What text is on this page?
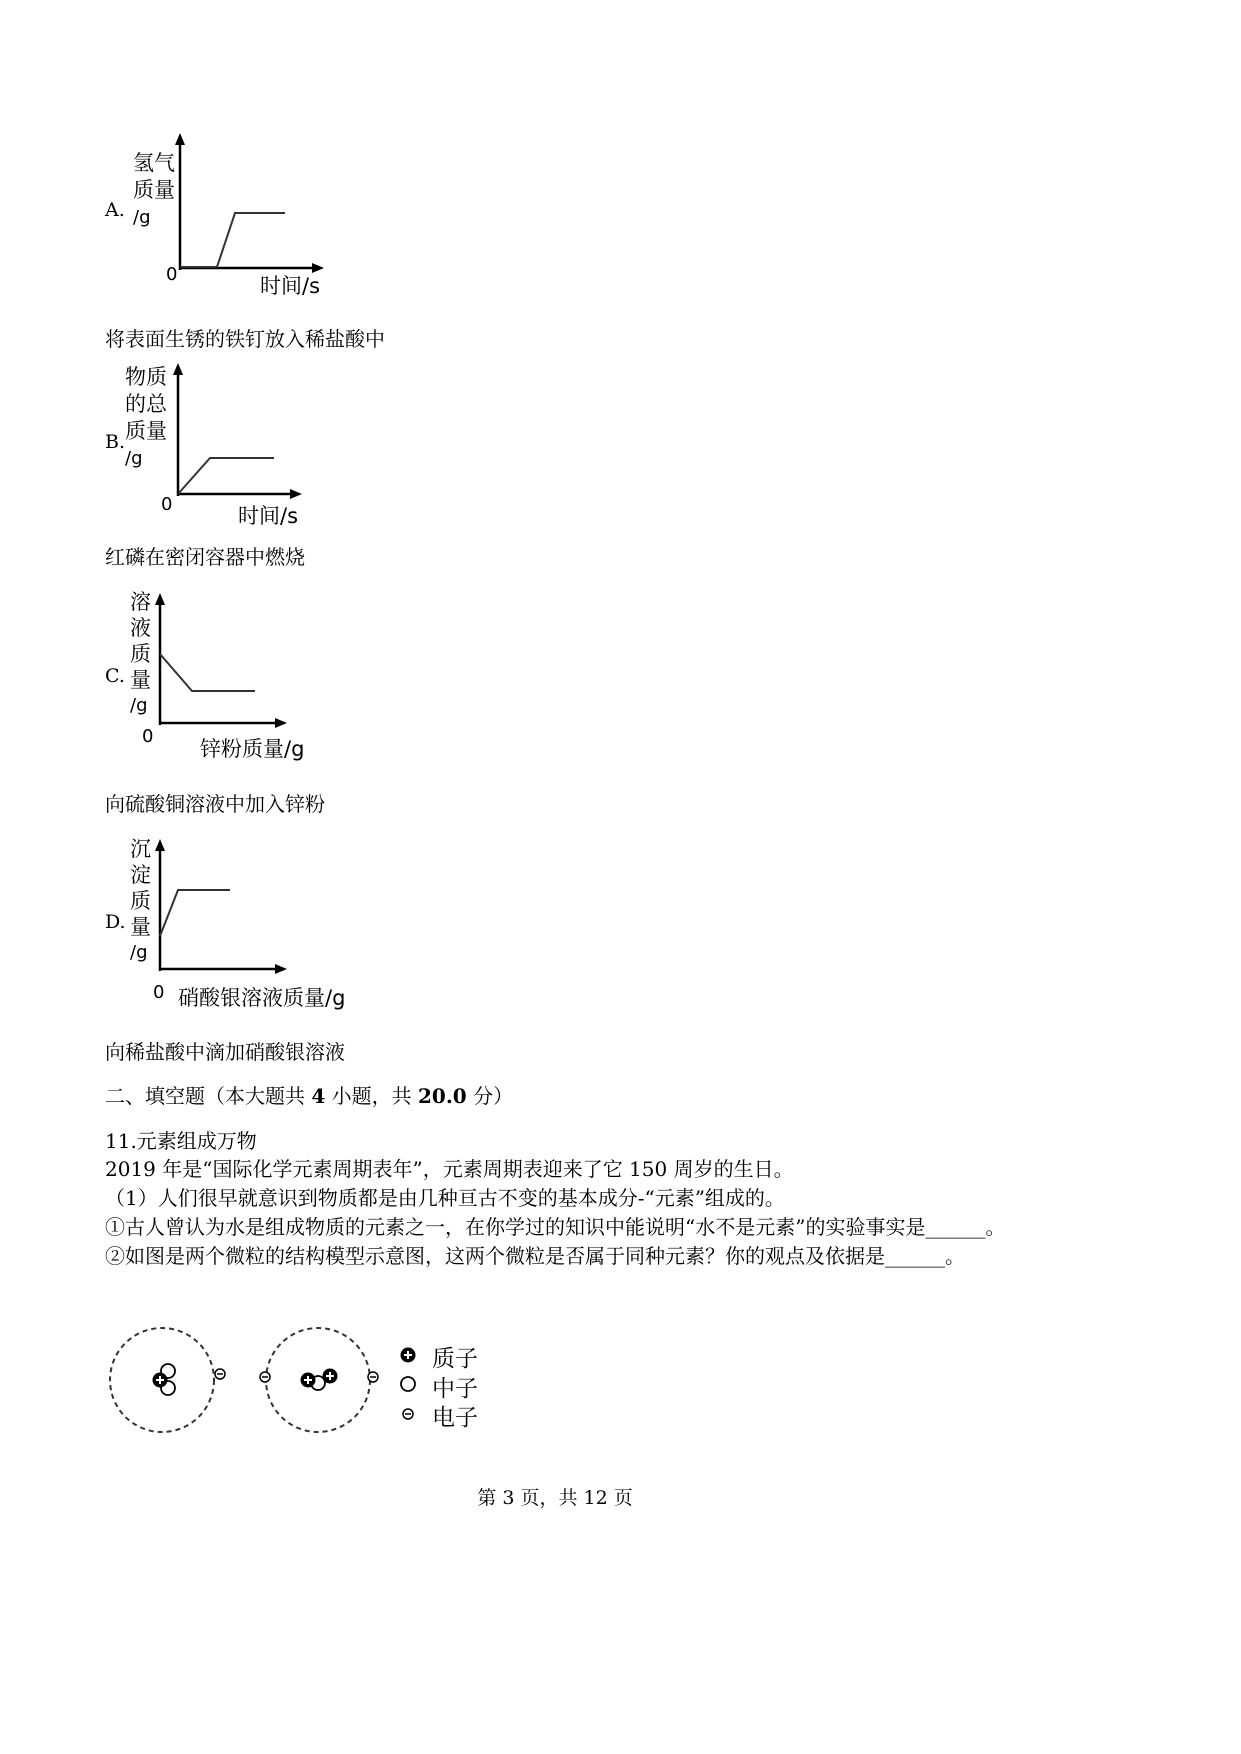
A.
氢气
质量
/g
0	时间/s
将表面生锈的铁钉放入稀盐酸中
B.
物质
的总
质量
/g
0	时间/s
红磷在密闭容器中燃烧
C.
溶
液
质
量
/g
0
锌粉质量/g
向硫酸铜溶液中加入锌粉
D.
沉
淀
质
量
/g
0 硝酸银溶液质量/g
向稀盐酸中滴加硝酸银溶液
二、填空题（本大题共 4 小题，共 20.0 分）
11.元素组成万物
2019 年是“国际化学元素周期表年”，元素周期表迎来了它 150 周岁的生日。
（1）人们很早就意识到物质都是由几种亘古不变的基本成分-“元素”组成的。
①古人曾认为水是组成物质的元素之一，在你学过的知识中能说明“水不是元素”的实验事实是______。
②如图是两个微粒的结构模型示意图，这两个微粒是否属于同种元素？你的观点及依据是______。
质子
中子
电子
第 3 页，共 12 页
